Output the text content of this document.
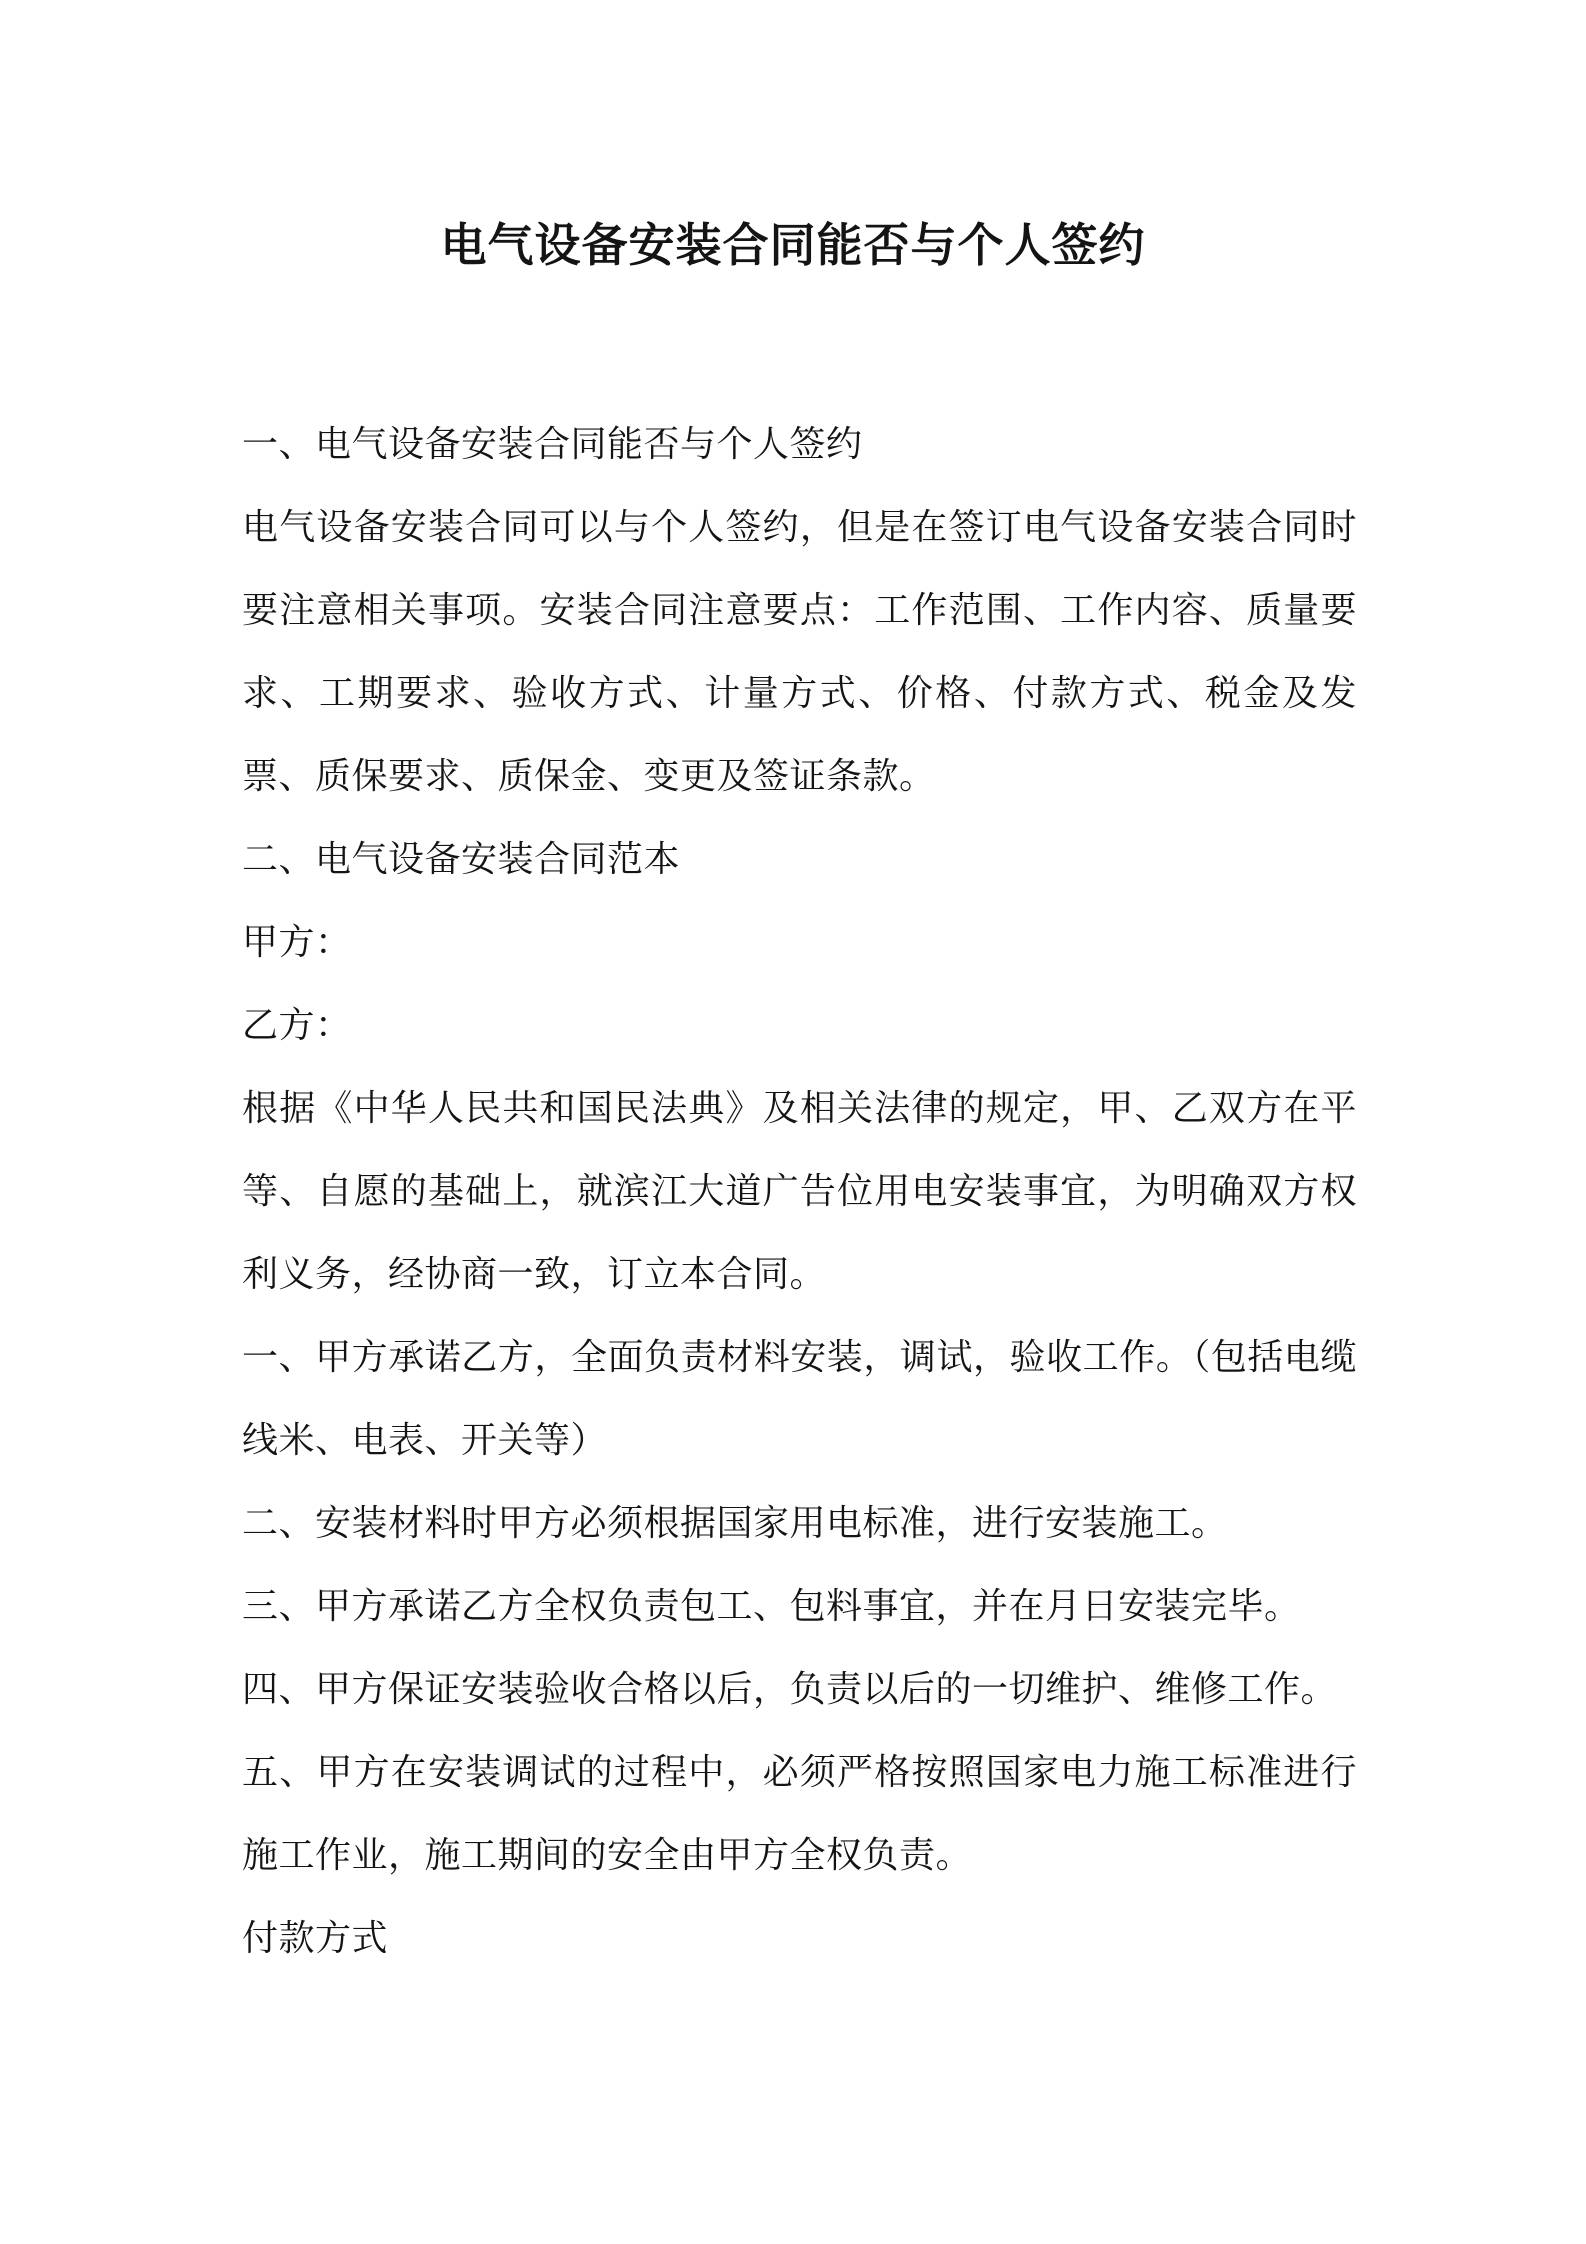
电气设备安装合同能否与个人签约

一、电气设备安装合同能否与个人签约

电气设备安装合同可以与个人签约，但是在签订电气设备安装合同时要注意相关事项。安装合同注意要点：工作范围、工作内容、质量要求、工期要求、验收方式、计量方式、价格、付款方式、税金及发票、质保要求、质保金、变更及签证条款。

二、电气设备安装合同范本

甲方：

乙方：

根据《中华人民共和国民法典》及相关法律的规定，甲、乙双方在平等、自愿的基础上，就滨江大道广告位用电安装事宜，为明确双方权利义务，经协商一致，订立本合同。

一、甲方承诺乙方，全面负责材料安装，调试，验收工作。（包括电缆线米、电表、开关等）

二、安装材料时甲方必须根据国家用电标准，进行安装施工。

三、甲方承诺乙方全权负责包工、包料事宜，并在月日安装完毕。

四、甲方保证安装验收合格以后，负责以后的一切维护、维修工作。

五、甲方在安装调试的过程中，必须严格按照国家电力施工标准进行施工作业，施工期间的安全由甲方全权负责。

付款方式
